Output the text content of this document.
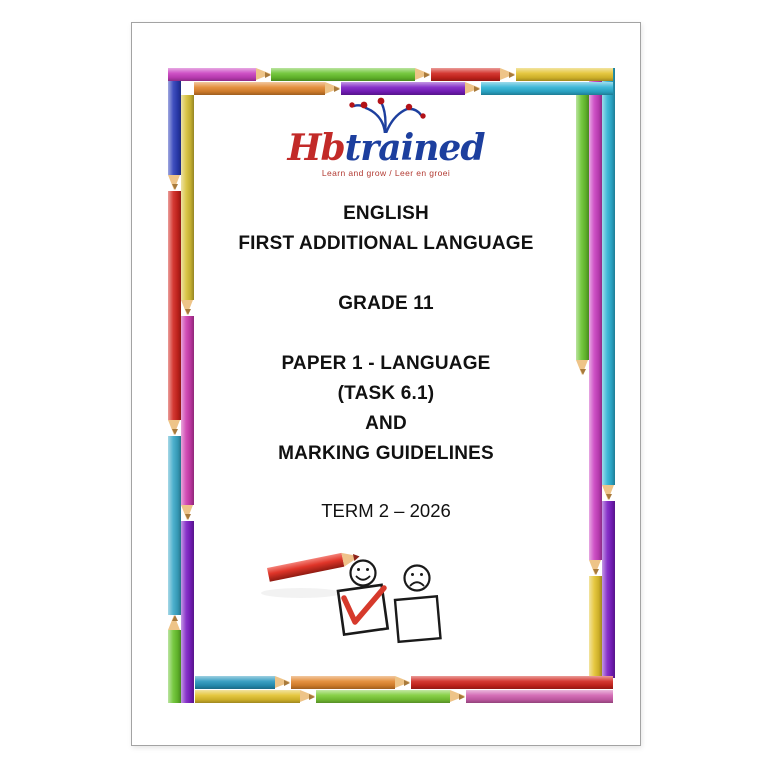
Hbtrained
Learn and grow / Leer en groei
ENGLISH
FIRST ADDITIONAL LANGUAGE
GRADE 11
PAPER 1 - LANGUAGE
(TASK 6.1)
AND
MARKING GUIDELINES
TERM 2 – 2026
